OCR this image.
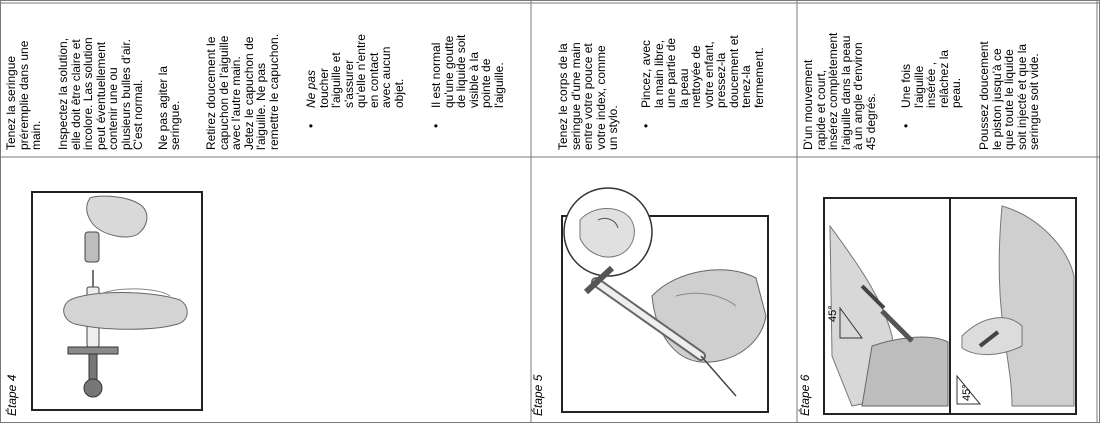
Tenez la seringue

préremplie dans une

main. Inspectez la solution,

elle doit être claire et

incolore. Las solution

peut éventuellement

contenir une ou

plusieurs bulles d'air.

C'est normal. Ne pas agiter la

seringue. Retirez doucement le

capuchon de l'aiguille

avec l'autre main.

Jetez le capuchon de

l'aiguille. Ne pas

remettre le capuchon. •

Ne pas

toucher

l'aiguille et

s'assurer

qu'elle n'entre

en contact

avec aucun

objet.

•

Il est normal

qu'une goutte

de liquide soit

visible à la

pointe de

l'aiguille.	Tenez le corps de la

seringue d'une main

entre votre pouce et

votre index, comme

un stylo. •

Pincez, avec

la main libre,

une partie de

la peau

nettoyée de

votre enfant,

pressez-la

doucement et

tenez-la

fermement.	D'un mouvement

rapide et court,

insérez complètement

l'aiguille dans la peau

à un angle d'environ

45 degrés. •

Une fois

l'aiguille

insérée ,

relâchez la

peau. Poussez doucement

le piston jusqu'à ce

que toute le liquide

soit injecté et que la

seringue soit vide.

Étape 4	Étape 5	Étape 6
45°
45°
